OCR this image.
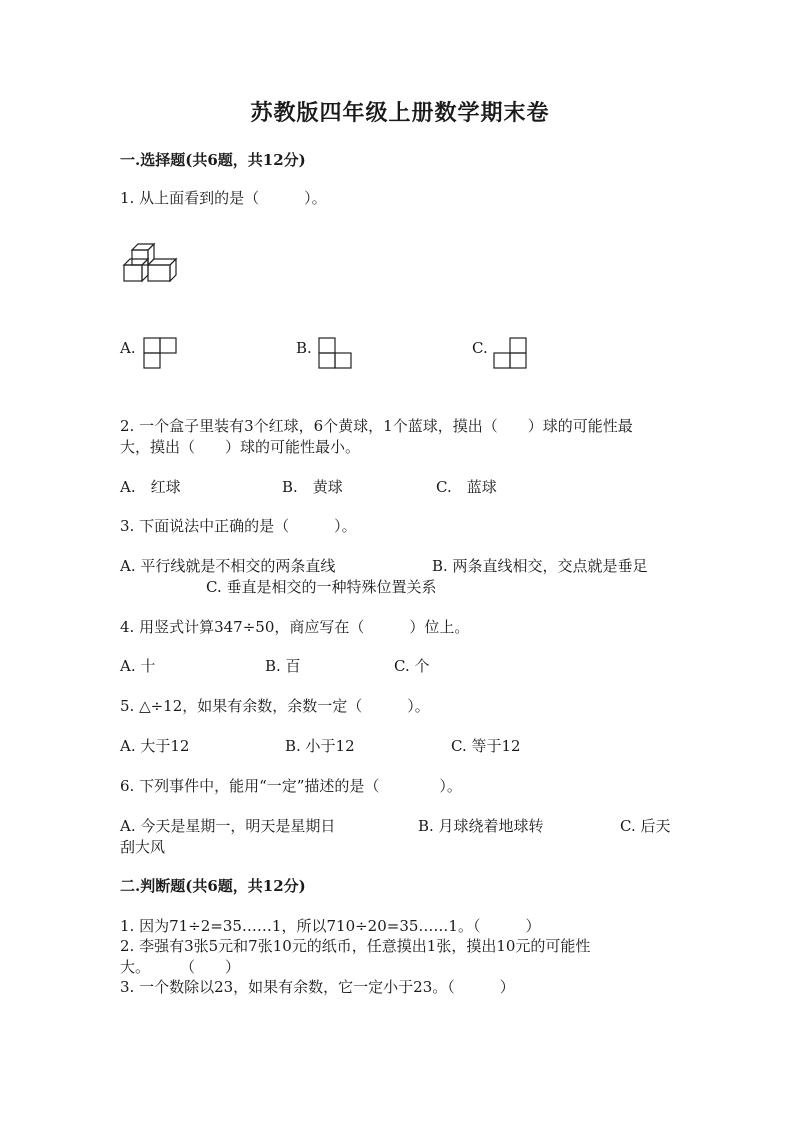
苏教版四年级上册数学期末卷
一.选择题(共6题，共12分)
1. 从上面看到的是（　　　）。
A.	B.	C.
2. 一个盒子里装有3个红球，6个黄球，1个蓝球，摸出（　　）球的可能性最
大，摸出（　　）球的可能性最小。
A.　红球	B.　黄球	C.　蓝球
3. 下面说法中正确的是（　　　）。
A. 平行线就是不相交的两条直线	B. 两条直线相交，交点就是垂足
C. 垂直是相交的一种特殊位置关系
4. 用竖式计算347÷50，商应写在（　　　）位上。
A. 十	B. 百	C. 个
5. △÷12，如果有余数，余数一定（　　　）。
A. 大于12	B. 小于12	C. 等于12
6. 下列事件中，能用“一定”描述的是（　　　　）。
A. 今天是星期一，明天是星期日	B. 月球绕着地球转	C. 后天
刮大风
二.判断题(共6题，共12分)
1. 因为71÷2=35……1，所以710÷20=35……1。（　　　）
2. 李强有3张5元和7张10元的纸币，任意摸出1张，摸出10元的可能性
大。　　　（　　）
3. 一个数除以23，如果有余数，它一定小于23。（　　　）
